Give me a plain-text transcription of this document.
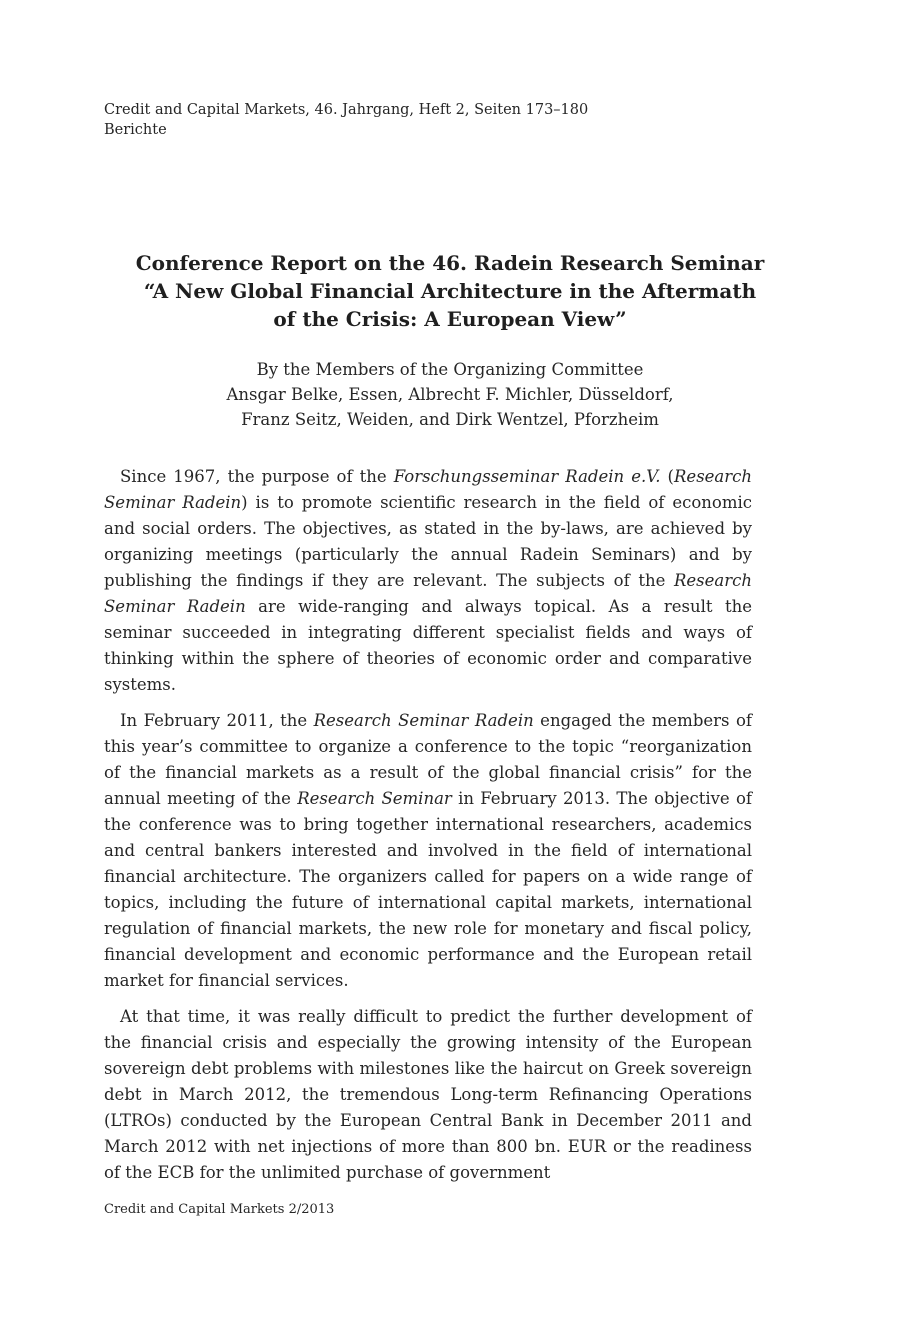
Credit and Capital Markets, 46. Jahrgang, Heft 2, Seiten 173–180
Berichte
Conference Report on the 46. Radein Research Seminar
“A New Global Financial Architecture in the Aftermath
of the Crisis: A European View”
By the Members of the Organizing Committee
Ansgar Belke, Essen, Albrecht F. Michler, Düsseldorf,
Franz Seitz, Weiden, and Dirk Wentzel, Pforzheim

Since 1967, the purpose of the Forschungsseminar Radein e.V. (Research Seminar Radein) is to promote scientific research in the field of economic and social orders. The objectives, as stated in the by-laws, are achieved by organizing meetings (particularly the annual Radein Seminars) and by publishing the findings if they are relevant. The subjects of the Research Seminar Radein are wide-ranging and always topical. As a result the seminar succeeded in integrating different specialist fields and ways of thinking within the sphere of theories of economic order and comparative systems.

In February 2011, the Research Seminar Radein engaged the members of this year’s committee to organize a conference to the topic “reorganization of the financial markets as a result of the global financial crisis” for the annual meeting of the Research Seminar in February 2013. The objective of the conference was to bring together international researchers, academics and central bankers interested and involved in the field of international financial architecture. The organizers called for papers on a wide range of topics, including the future of international capital markets, international regulation of financial markets, the new role for monetary and fiscal policy, financial development and economic performance and the European retail market for financial services.

At that time, it was really difficult to predict the further development of the financial crisis and especially the growing intensity of the European sovereign debt problems with milestones like the haircut on Greek sovereign debt in March 2012, the tremendous Long-term Refinancing Operations (LTROs) conducted by the European Central Bank in December 2011 and March 2012 with net injections of more than 800 bn. EUR or the readiness of the ECB for the unlimited purchase of government

Credit and Capital Markets 2/2013
